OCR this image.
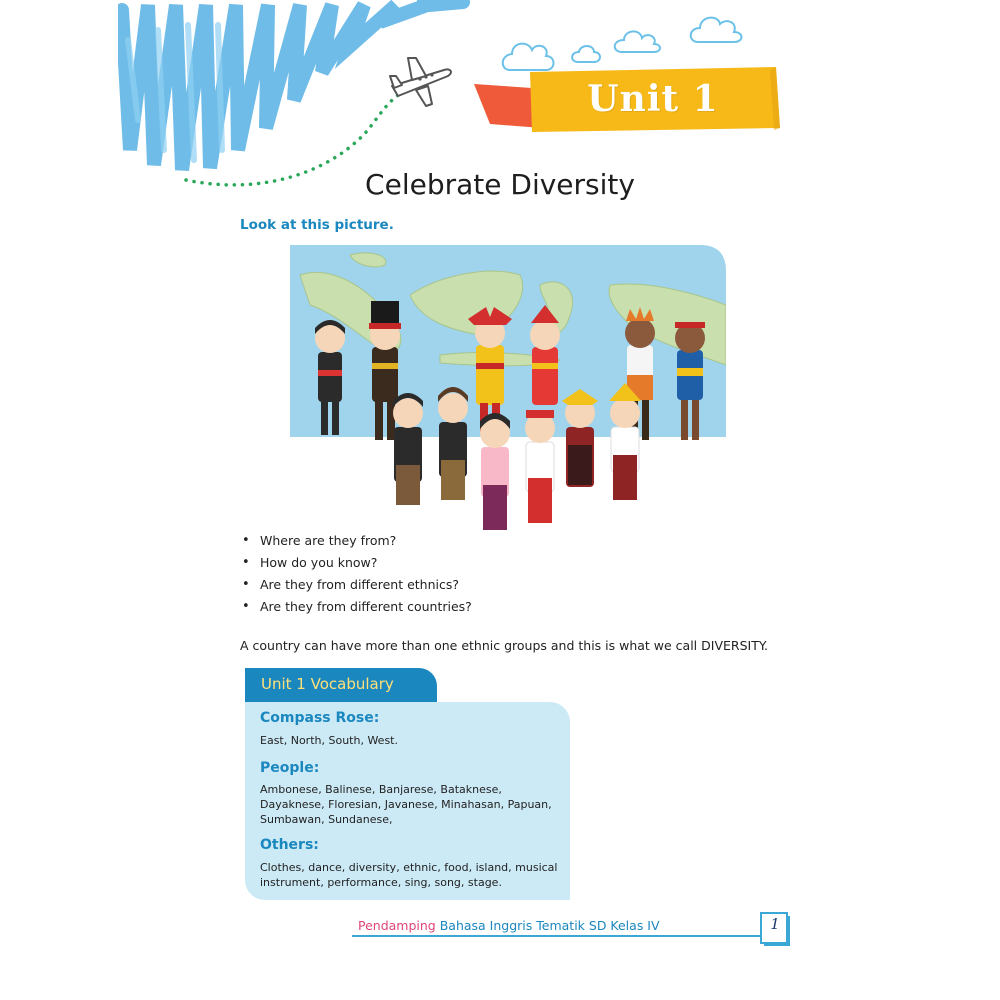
Unit 1
Celebrate Diversity

Look at this picture.

• Where are they from?
• How do you know?
• Are they from different ethnics?
• Are they from different countries?

A country can have more than one ethnic groups and this is what we call DIVERSITY.

Unit 1 Vocabulary
Compass Rose:

East, North, South, West.

People:

Ambonese, Balinese, Banjarese, Bataknese, Dayaknese, Floresian, Javanese, Minahasan, Papuan, Sumbawan, Sundanese,

Others:

Clothes, dance, diversity, ethnic, food, island, musical instrument, performance, sing, song, stage.

Pendamping Bahasa Inggris Tematik SD Kelas IV	1
